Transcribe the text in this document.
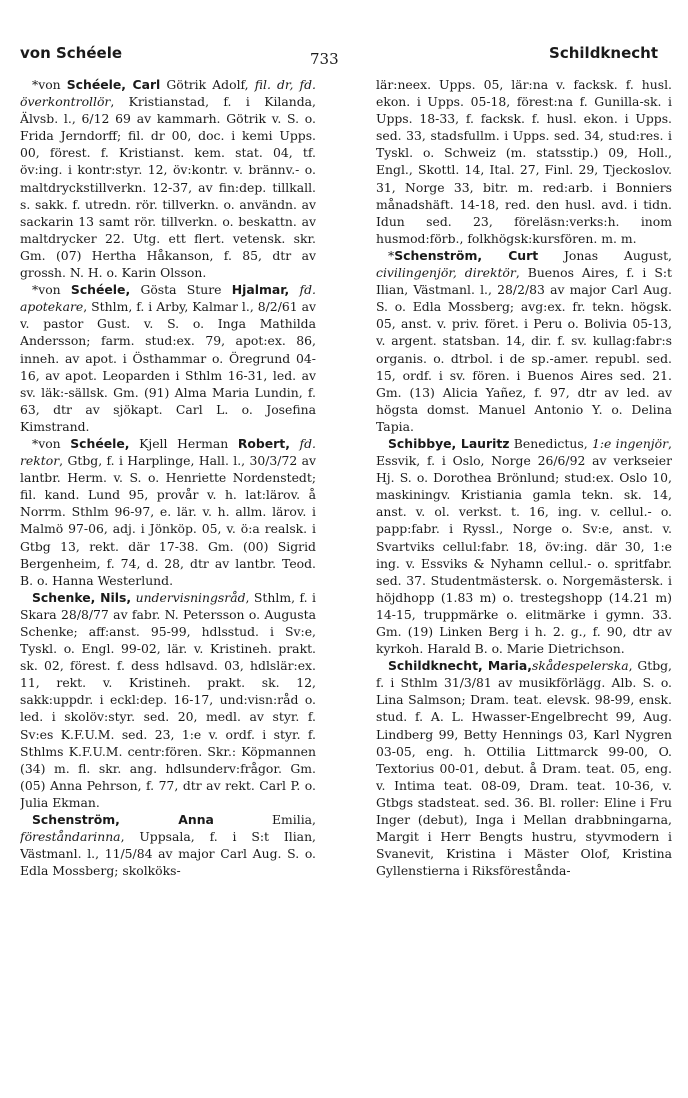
von Schéele	733	Schildknecht

*von Schéele, Carl Götrik Adolf, fil. dr, fd. överkontrollör, Kristianstad, f. i Kilanda, Älvsb. l., 6/12 69 av kammarh. Götrik v. S. o. Frida Jerndorff; fil. dr 00, doc. i kemi Upps. 00, förest. f. Kristianst. kem. stat. 04, tf. öv:ing. i kontr:styr. 12, öv:kontr. v. brännv.- o. maltdryckstillverkn. 12-37, av fin:dep. tillkall. s. sakk. f. utredn. rör. tillverkn. o. användn. av sackarin 13 samt rör. tillverkn. o. beskattn. av maltdrycker 22. Utg. ett flert. vetensk. skr. Gm. (07) Hertha Håkanson, f. 85, dtr av grossh. N. H. o. Karin Olsson.

*von Schéele, Gösta Sture Hjalmar, fd. apotekare, Sthlm, f. i Arby, Kalmar l., 8/2/61 av v. pastor Gust. v. S. o. Inga Mathilda Andersson; farm. stud:ex. 79, apot:ex. 86, inneh. av apot. i Östhammar o. Öregrund 04-16, av apot. Leoparden i Sthlm 16-31, led. av sv. läk:-sällsk. Gm. (91) Alma Maria Lundin, f. 63, dtr av sjökapt. Carl L. o. Josefina Kimstrand.

*von Schéele, Kjell Herman Robert, fd. rektor, Gtbg, f. i Harplinge, Hall. l., 30/3/72 av lantbr. Herm. v. S. o. Henriette Nordenstedt; fil. kand. Lund 95, provår v. h. lat:lärov. å Norrm. Sthlm 96-97, e. lär. v. h. allm. lärov. i Malmö 97-06, adj. i Jönköp. 05, v. ö:a realsk. i Gtbg 13, rekt. där 17-38. Gm. (00) Sigrid Bergenheim, f. 74, d. 28, dtr av lantbr. Teod. B. o. Hanna Westerlund.

Schenke, Nils, undervisningsråd, Sthlm, f. i Skara 28/8/77 av fabr. N. Petersson o. Augusta Schenke; aff:anst. 95-99, hdlsstud. i Sv:e, Tyskl. o. Engl. 99-02, lär. v. Kristineh. prakt. sk. 02, förest. f. dess hdlsavd. 03, hdlslär:ex. 11, rekt. v. Kristineh. prakt. sk. 12, sakk:uppdr. i eckl:dep. 16-17, und:visn:råd o. led. i skolöv:styr. sed. 20, medl. av styr. f. Sv:es K.F.U.M. sed. 23, 1:e v. ordf. i styr. f. Sthlms K.F.U.M. centr:fören. Skr.: Köpmannen (34) m. fl. skr. ang. hdlsunderv:frågor. Gm. (05) Anna Pehrson, f. 77, dtr av rekt. Carl P. o. Julia Ekman.

Schenström, Anna Emilia, föreståndarinna, Uppsala, f. i S:t Ilian, Västmanl. l., 11/5/84 av major Carl Aug. S. o. Edla Mossberg; skolköks-

lär:neex. Upps. 05, lär:na v. facksk. f. husl. ekon. i Upps. 05-18, förest:na f. Gunilla-sk. i Upps. 18-33, f. facksk. f. husl. ekon. i Upps. sed. 33, stadsfullm. i Upps. sed. 34, stud:res. i Tyskl. o. Schweiz (m. statsstip.) 09, Holl., Engl., Skottl. 14, Ital. 27, Finl. 29, Tjeckoslov. 31, Norge 33, bitr. m. red:arb. i Bonniers månadshäft. 14-18, red. den husl. avd. i tidn. Idun sed. 23, föreläsn:verks:h. inom husmod:förb., folkhögsk:kursfören. m. m.

*Schenström, Curt Jonas August, civilingenjör, direktör, Buenos Aires, f. i S:t Ilian, Västmanl. l., 28/2/83 av major Carl Aug. S. o. Edla Mossberg; avg:ex. fr. tekn. högsk. 05, anst. v. priv. föret. i Peru o. Bolivia 05-13, v. argent. statsban. 14, dir. f. sv. kullag:fabr:s organis. o. dtrbol. i de sp.-amer. republ. sed. 15, ordf. i sv. fören. i Buenos Aires sed. 21. Gm. (13) Alicia Yañez, f. 97, dtr av led. av högsta domst. Manuel Antonio Y. o. Delina Tapia.

Schibbye, Lauritz Benedictus, 1:e ingenjör, Essvik, f. i Oslo, Norge 26/6/92 av verkseier Hj. S. o. Dorothea Brönlund; stud:ex. Oslo 10, maskiningv. Kristiania gamla tekn. sk. 14, anst. v. ol. verkst. t. 16, ing. v. cellul.- o. papp:fabr. i Ryssl., Norge o. Sv:e, anst. v. Svartviks cellul:fabr. 18, öv:ing. där 30, 1:e ing. v. Essviks & Nyhamn cellul.- o. spritfabr. sed. 37. Studentmästersk. o. Norgemästersk. i höjdhopp (1.83 m) o. trestegshopp (14.21 m) 14-15, truppmärke o. elitmärke i gymn. 33. Gm. (19) Linken Berg i h. 2. g., f. 90, dtr av kyrkoh. Harald B. o. Marie Dietrichson.

Schildknecht, Maria,skådespelerska, Gtbg, f. i Sthlm 31/3/81 av musikförlägg. Alb. S. o. Lina Salmson; Dram. teat. elevsk. 98-99, ensk. stud. f. A. L. Hwasser-Engelbrecht 99, Aug. Lindberg 99, Betty Hennings 03, Karl Nygren 03-05, eng. h. Ottilia Littmarck 99-00, O. Textorius 00-01, debut. å Dram. teat. 05, eng. v. Intima teat. 08-09, Dram. teat. 10-36, v. Gtbgs stadsteat. sed. 36. Bl. roller: Eline i Fru Inger (debut), Inga i Mellan drabbningarna, Margit i Herr Bengts hustru, styvmodern i Svanevit, Kristina i Mäster Olof, Kristina Gyllenstierna i Riksföreståndа-
